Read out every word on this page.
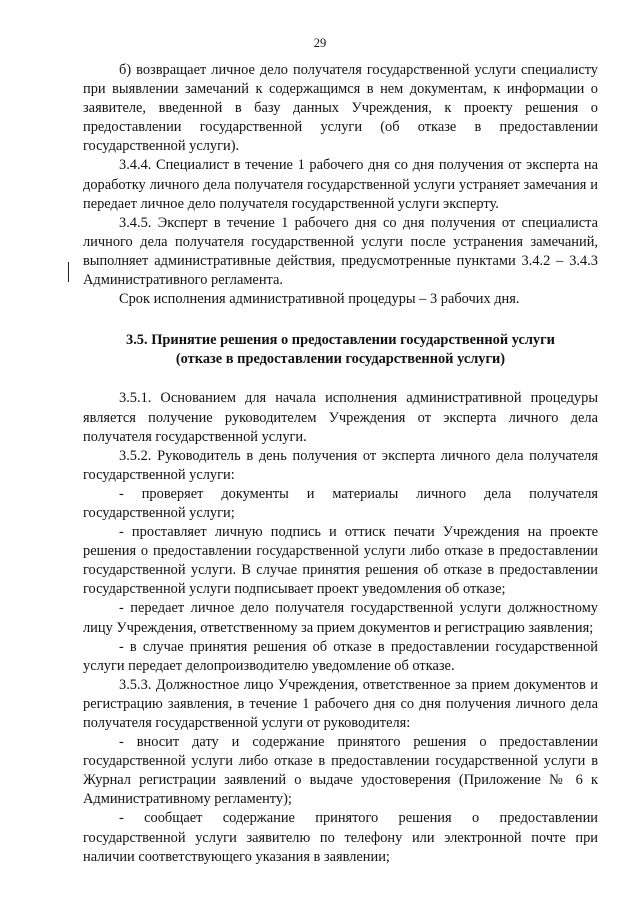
29

б) возвращает личное дело получателя государственной услуги специалисту при выявлении замечаний к содержащимся в нем документам, к информации о заявителе, введенной в базу данных Учреждения, к проекту решения о предоставлении государственной услуги (об отказе в предоставлении государственной услуги).

3.4.4. Специалист в течение 1 рабочего дня со дня получения от эксперта на доработку личного дела получателя государственной услуги устраняет замечания и передает личное дело получателя государственной услуги эксперту.

3.4.5. Эксперт в течение 1 рабочего дня со дня получения от специалиста личного дела получателя государственной услуги после устранения замечаний, выполняет административные действия, предусмотренные пунктами 3.4.2 – 3.4.3 Административного регламента.

Срок исполнения административной процедуры – 3 рабочих дня.

3.5. Принятие решения о предоставлении государственной услуги

(отказе в предоставлении государственной услуги)

3.5.1. Основанием для начала исполнения административной процедуры является получение руководителем Учреждения от эксперта личного дела получателя государственной услуги.

3.5.2. Руководитель в день получения от эксперта личного дела получателя государственной услуги:

- проверяет документы и материалы личного дела получателя государственной услуги;

- проставляет личную подпись и оттиск печати Учреждения на проекте решения о предоставлении государственной услуги либо отказе в предоставлении государственной услуги. В случае принятия решения об отказе в предоставлении государственной услуги подписывает проект уведомления об отказе;

- передает личное дело получателя государственной услуги должностному лицу Учреждения, ответственному за прием документов и регистрацию заявления;

- в случае принятия решения об отказе в предоставлении государственной услуги передает делопроизводителю уведомление об отказе.

3.5.3. Должностное лицо Учреждения, ответственное за прием документов и регистрацию заявления, в течение 1 рабочего дня со дня получения личного дела получателя государственной услуги от руководителя:

- вносит дату и содержание принятого решения о предоставлении государственной услуги либо отказе в предоставлении государственной услуги в Журнал регистрации заявлений о выдаче удостоверения (Приложение № 6 к Административному регламенту);

- сообщает содержание принятого решения о предоставлении государственной услуги заявителю по телефону или электронной почте при наличии соответствующего указания в заявлении;
